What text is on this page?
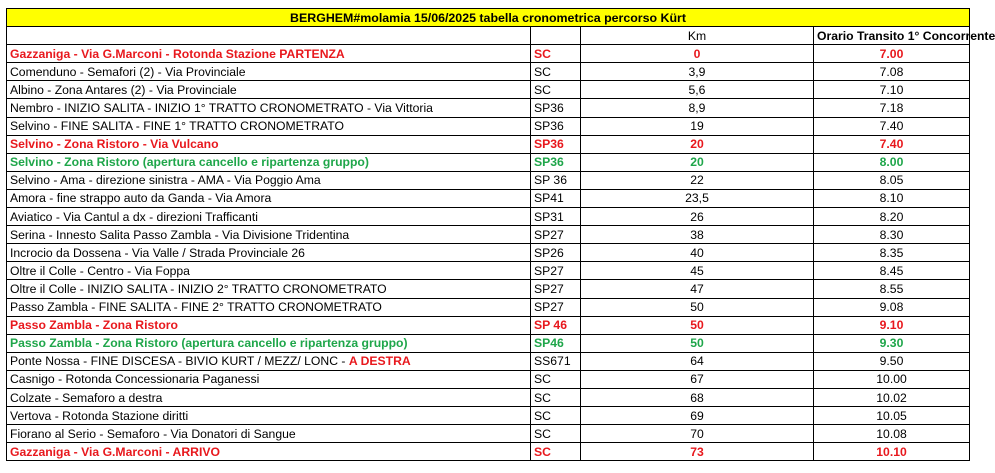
BERGHEM#molamia 15/06/2025 tabella cronometrica percorso Kürt			
		Km	Orario Transito 1° Concorrente
Gazzaniga - Via G.Marconi - Rotonda Stazione PARTENZA	SC	0	7.00
Comenduno - Semafori (2) - Via Provinciale	SC	3,9	7.08
Albino - Zona Antares (2) - Via Provinciale	SC	5,6	7.10
Nembro - INIZIO SALITA - INIZIO 1° TRATTO CRONOMETRATO - Via Vittoria	SP36	8,9	7.18
Selvino - FINE SALITA - FINE 1° TRATTO CRONOMETRATO	SP36	19	7.40
Selvino - Zona Ristoro - Via Vulcano	SP36	20	7.40
Selvino - Zona Ristoro (apertura cancello e ripartenza gruppo)	SP36	20	8.00
Selvino - Ama - direzione sinistra - AMA - Via Poggio Ama	SP 36	22	8.05
Amora - fine strappo auto da Ganda - Via Amora	SP41	23,5	8.10
Aviatico - Via Cantul a dx - direzioni Trafficanti	SP31	26	8.20
Serina - Innesto Salita Passo Zambla - Via Divisione Tridentina	SP27	38	8.30
Incrocio da Dossena - Via Valle / Strada Provinciale 26	SP26	40	8.35
Oltre il Colle - Centro - Via Foppa	SP27	45	8.45
Oltre il Colle - INIZIO SALITA - INIZIO 2° TRATTO CRONOMETRATO	SP27	47	8.55
Passo Zambla - FINE SALITA - FINE 2° TRATTO CRONOMETRATO	SP27	50	9.08
Passo Zambla - Zona Ristoro	SP 46	50	9.10
Passo Zambla - Zona Ristoro (apertura cancello e ripartenza gruppo)	SP46	50	9.30
Ponte Nossa - FINE DISCESA - BIVIO KURT / MEZZ/ LONC - A DESTRA	SS671	64	9.50
Casnigo - Rotonda Concessionaria Paganessi	SC	67	10.00
Colzate - Semaforo a destra	SC	68	10.02
Vertova - Rotonda Stazione diritti	SC	69	10.05
Fiorano al Serio - Semaforo - Via Donatori di Sangue	SC	70	10.08
Gazzaniga - Via G.Marconi - ARRIVO	SC	73	10.10
